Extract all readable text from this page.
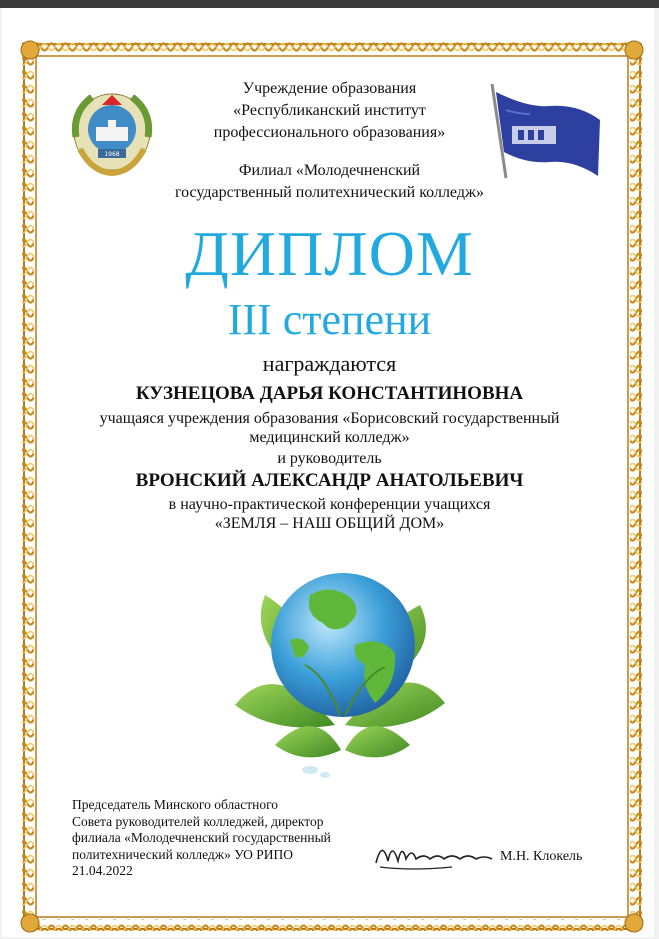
1968
Учреждение образования
«Республиканский институт
профессионального образования»
Филиал «Молодечненский
государственный политехнический колледж»
ДИПЛОМ
III степени
награждаются
КУЗНЕЦОВА ДАРЬЯ КОНСТАНТИНОВНА
учащаяся учреждения образования «Борисовский государственный
медицинский колледж»
и руководитель
ВРОНСКИЙ АЛЕКСАНДР АНАТОЛЬЕВИЧ
в научно-практической конференции учащихся
«ЗЕМЛЯ – НАШ ОБЩИЙ ДОМ»
Председатель Минского областного
Совета руководителей колледжей, директор
филиала «Молодечненский государственный
политехнический колледж» УО РИПО
21.04.2022
М.Н. Клокель
